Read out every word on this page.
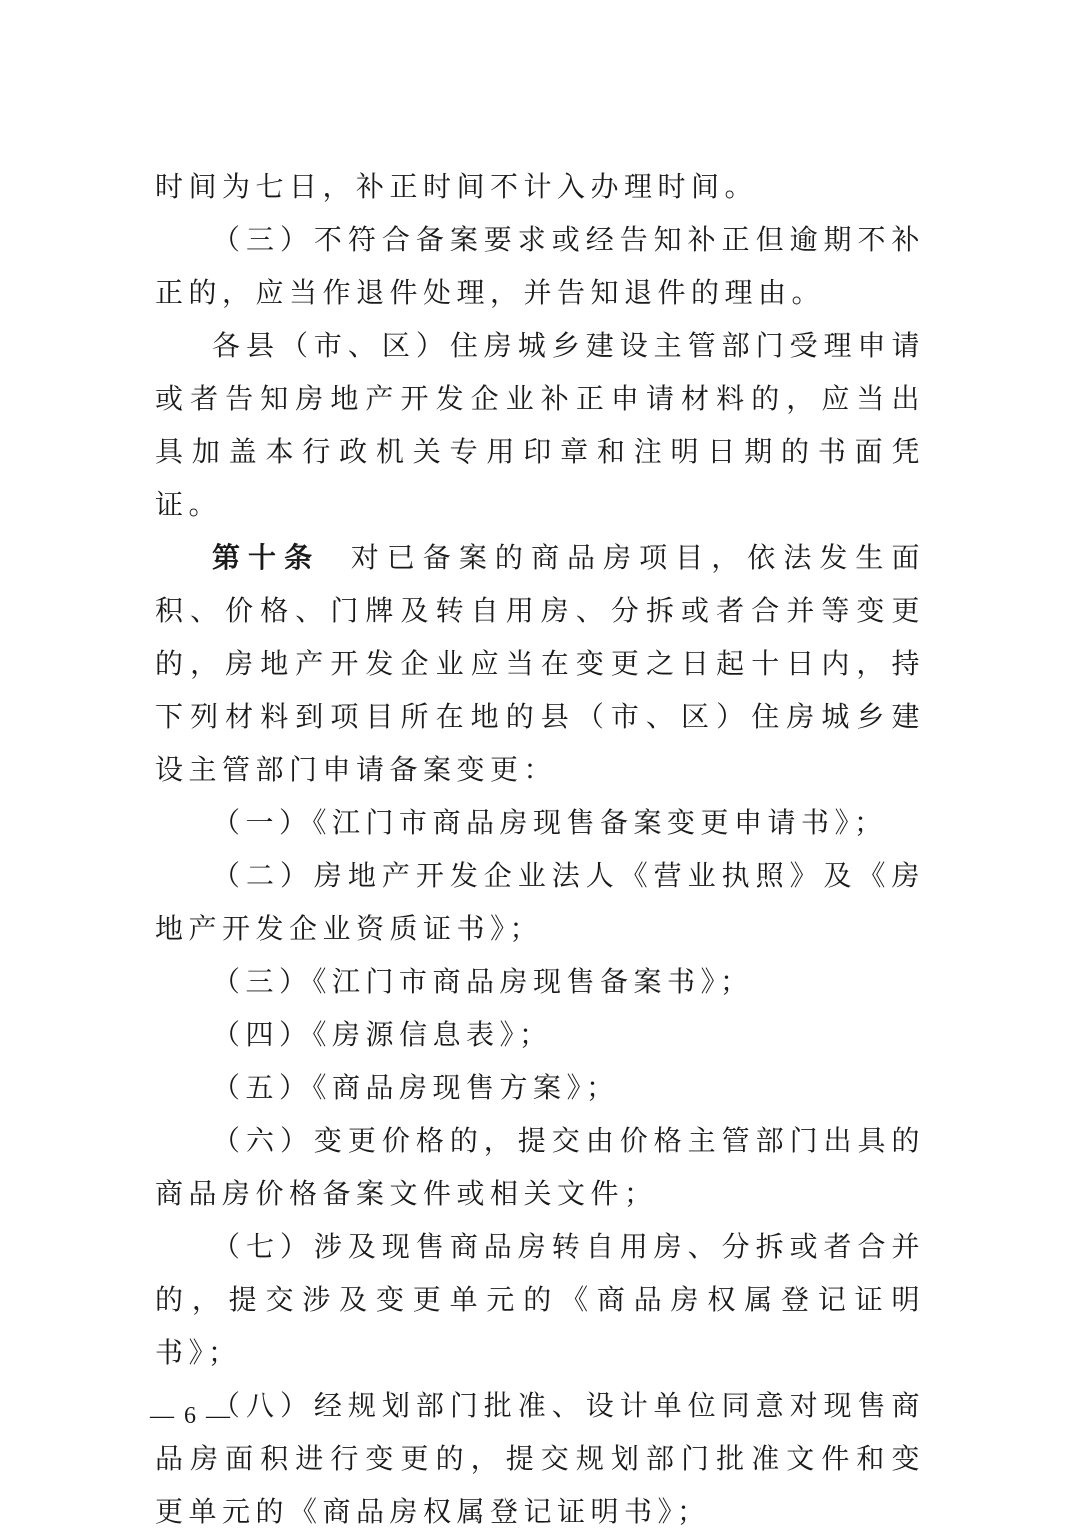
时间为七日，补正时间不计入办理时间。

（三）不符合备案要求或经告知补正但逾期不补正的，应当作退件处理，并告知退件的理由。

各县（市、区）住房城乡建设主管部门受理申请或者告知房地产开发企业补正申请材料的，应当出具加盖本行政机关专用印章和注明日期的书面凭证。

第十条 对已备案的商品房项目，依法发生面积、价格、门牌及转自用房、分拆或者合并等变更的，房地产开发企业应当在变更之日起十日内，持下列材料到项目所在地的县（市、区）住房城乡建设主管部门申请备案变更：

（一）《江门市商品房现售备案变更申请书》；

（二）房地产开发企业法人《营业执照》及《房地产开发企业资质证书》；

（三）《江门市商品房现售备案书》；

（四）《房源信息表》；

（五）《商品房现售方案》；

（六）变更价格的，提交由价格主管部门出具的商品房价格备案文件或相关文件；

（七）涉及现售商品房转自用房、分拆或者合并的，提交涉及变更单元的《商品房权属登记证明书》；

（八）经规划部门批准、设计单位同意对现售商品房面积进行变更的，提交规划部门批准文件和变更单元的《商品房权属登记证明书》；

— 6 —
